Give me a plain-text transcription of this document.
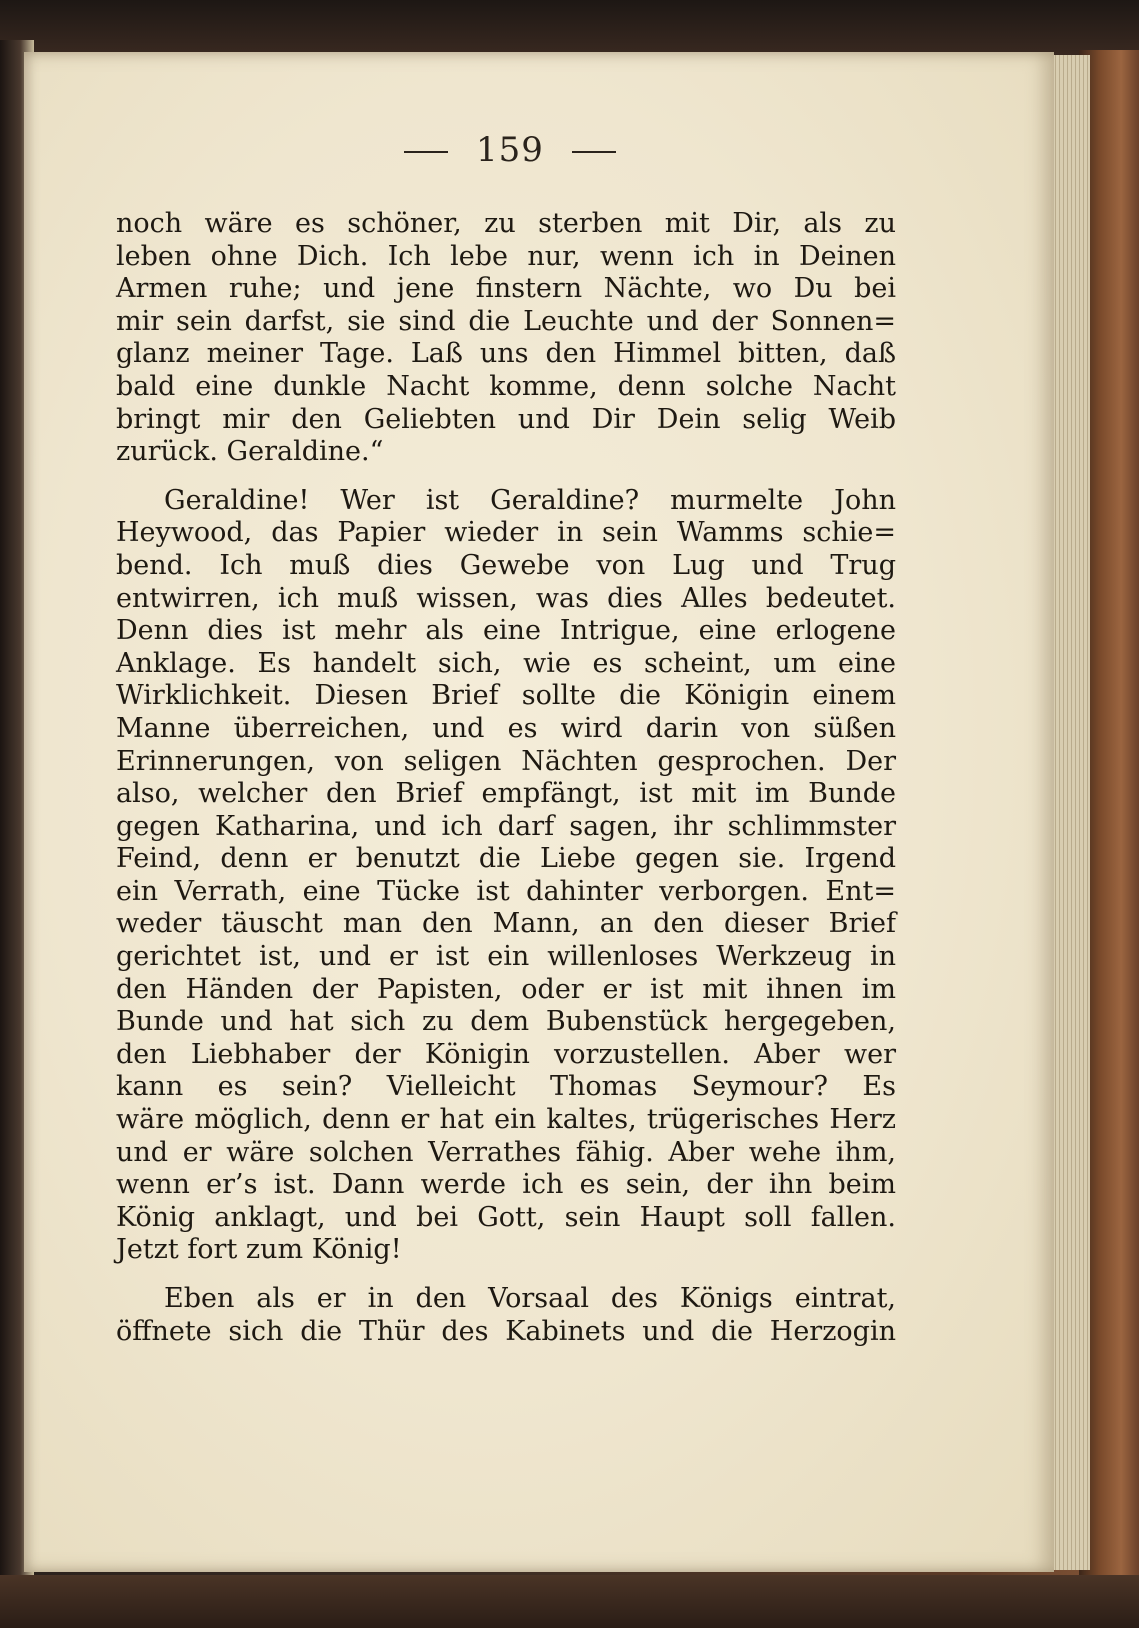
159
noch wäre es schöner, zu sterben mit Dir, als zu
leben ohne Dich. Ich lebe nur, wenn ich in Deinen
Armen ruhe; und jene finstern Nächte, wo Du bei
mir sein darfst, sie sind die Leuchte und der Sonnen=
glanz meiner Tage. Laß uns den Himmel bitten, daß
bald eine dunkle Nacht komme, denn solche Nacht
bringt mir den Geliebten und Dir Dein selig Weib
zurück. Geraldine.“
Geraldine! Wer ist Geraldine? murmelte John
Heywood, das Papier wieder in sein Wamms schie=
bend. Ich muß dies Gewebe von Lug und Trug
entwirren, ich muß wissen, was dies Alles bedeutet.
Denn dies ist mehr als eine Intrigue, eine erlogene
Anklage. Es handelt sich, wie es scheint, um eine
Wirklichkeit. Diesen Brief sollte die Königin einem
Manne überreichen, und es wird darin von süßen
Erinnerungen, von seligen Nächten gesprochen. Der
also, welcher den Brief empfängt, ist mit im Bunde
gegen Katharina, und ich darf sagen, ihr schlimmster
Feind, denn er benutzt die Liebe gegen sie. Irgend
ein Verrath, eine Tücke ist dahinter verborgen. Ent=
weder täuscht man den Mann, an den dieser Brief
gerichtet ist, und er ist ein willenloses Werkzeug in
den Händen der Papisten, oder er ist mit ihnen im
Bunde und hat sich zu dem Bubenstück hergegeben,
den Liebhaber der Königin vorzustellen. Aber wer
kann es sein? Vielleicht Thomas Seymour? Es
wäre möglich, denn er hat ein kaltes, trügerisches Herz
und er wäre solchen Verrathes fähig. Aber wehe ihm,
wenn er’s ist. Dann werde ich es sein, der ihn beim
König anklagt, und bei Gott, sein Haupt soll fallen.
Jetzt fort zum König!
Eben als er in den Vorsaal des Königs eintrat,
öffnete sich die Thür des Kabinets und die Herzogin
